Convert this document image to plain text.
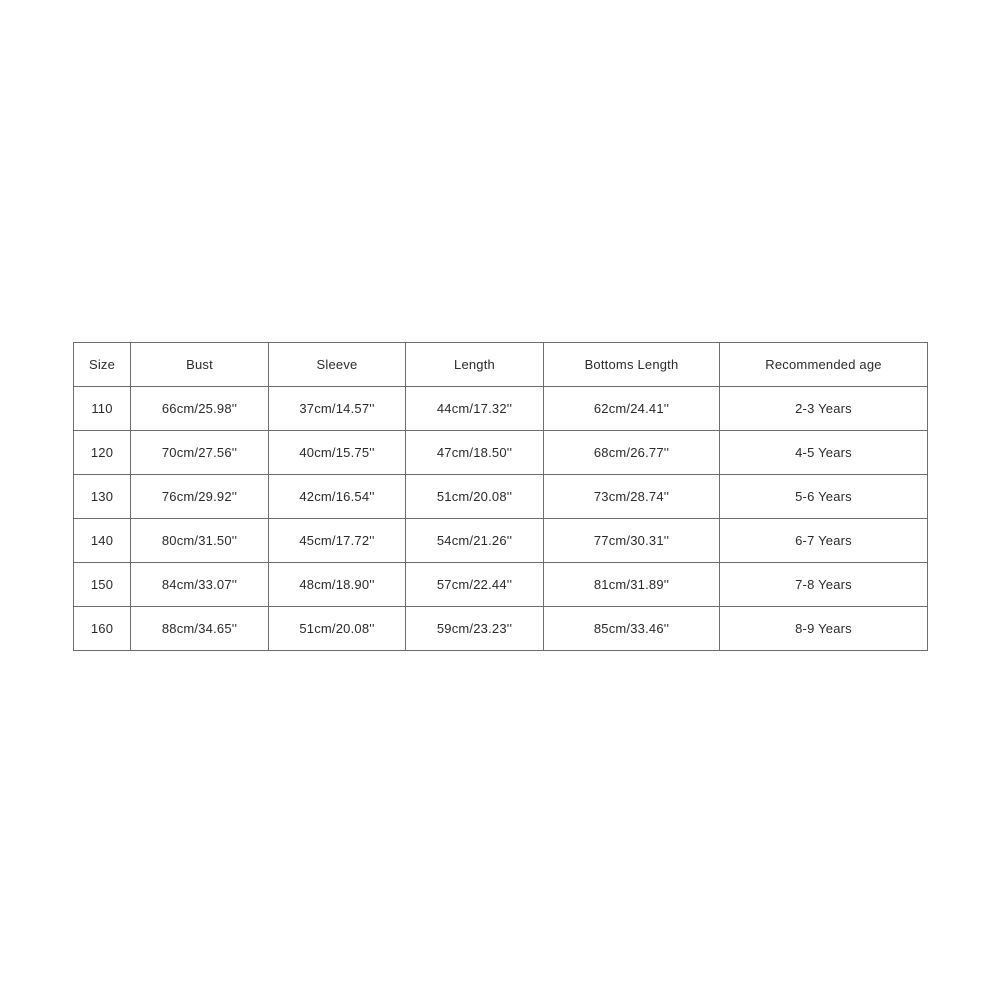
Size	Bust	Sleeve	Length	Bottoms Length	Recommended age
110	66cm/25.98''	37cm/14.57''	44cm/17.32''	62cm/24.41''	2-3 Years
120	70cm/27.56''	40cm/15.75''	47cm/18.50''	68cm/26.77''	4-5 Years
130	76cm/29.92''	42cm/16.54''	51cm/20.08''	73cm/28.74''	5-6 Years
140	80cm/31.50''	45cm/17.72''	54cm/21.26''	77cm/30.31''	6-7 Years
150	84cm/33.07''	48cm/18.90''	57cm/22.44''	81cm/31.89''	7-8 Years
160	88cm/34.65''	51cm/20.08''	59cm/23.23''	85cm/33.46''	8-9 Years
